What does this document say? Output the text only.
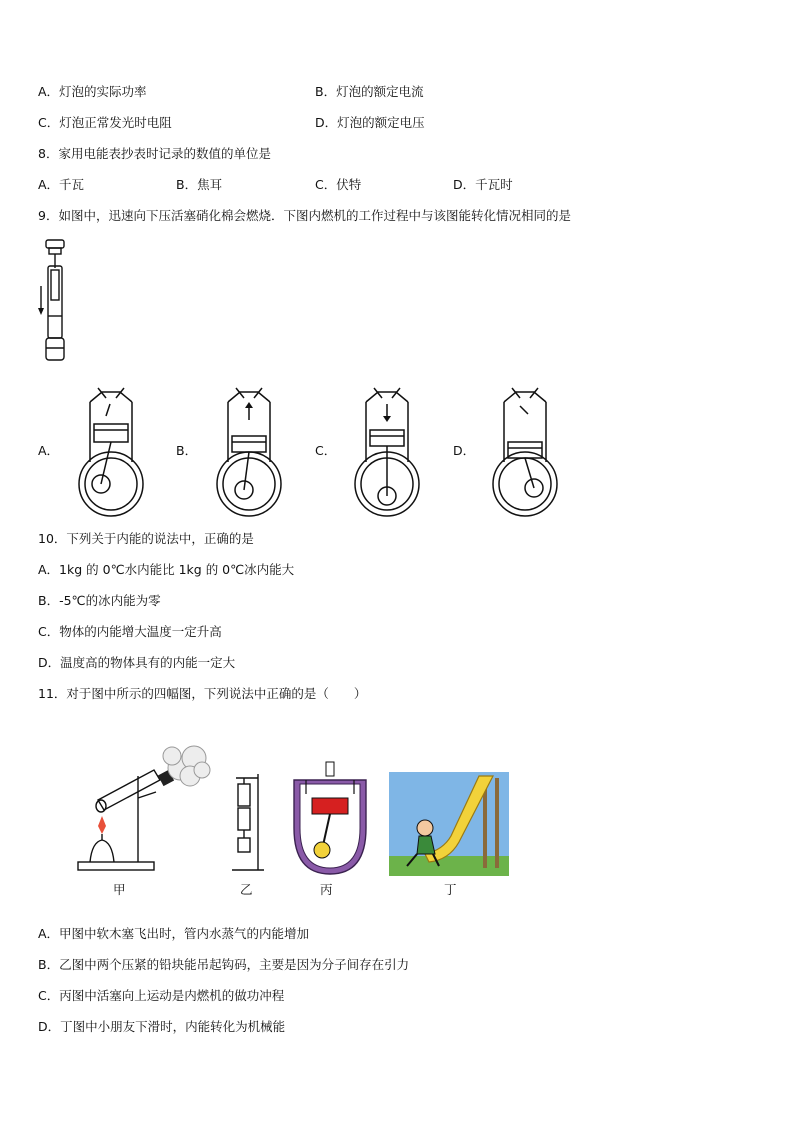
A．灯泡的实际功率	B．灯泡的额定电流
C．灯泡正常发光时电阻	D．灯泡的额定电压
8．家用电能表抄表时记录的数值的单位是
A．千瓦	B．焦耳	C．伏特	D．千瓦时
9．如图中，迅速向下压活塞硝化棉会燃烧．下图内燃机的工作过程中与该图能转化情况相同的是
A．	B．	C．	D．
10．下列关于内能的说法中，正确的是
A．1kg 的 0℃水内能比 1kg 的 0℃冰内能大
B．-5℃的冰内能为零
C．物体的内能增大温度一定升高
D．温度高的物体具有的内能一定大
11．对于图中所示的四幅图，下列说法中正确的是（　　）
甲	乙	丙	丁
A．甲图中软木塞飞出时，管内水蒸气的内能增加
B．乙图中两个压紧的铅块能吊起钩码，主要是因为分子间存在引力
C．丙图中活塞向上运动是内燃机的做功冲程
D．丁图中小朋友下滑时，内能转化为机械能
